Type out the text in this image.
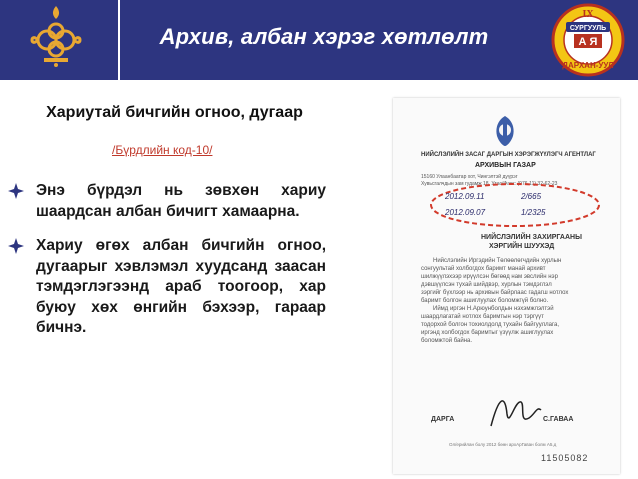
Архив, албан хэрэг хөтлөлт
IX
СУРГУУЛЬ
А Я
ДАРХАН-УУЛ
Хариутай бичгийн огноо, дугаар
/Бүрдлийн код-10/
Энэ бүрдэл нь зөвхөн хариу шаардсан албан бичигт хамаарна.
Хариу өгөх албан бичгийн огноо, дугаарыг хэвлэмэл хуудсанд заасан тэмдэглэгээнд араб тоогоор, хар буюу хөх өнгийн бэхээр, гараар бичнэ.
НИЙСЛЭЛИЙН ЗАСАГ ДАРГЫН ХЭРЭГЖҮҮЛЭГЧ АГЕНТЛАГ
АРХИВЫН ГАЗАР
15160 Улаанбаатар хот, Чингэлтэй дүүрэг
Хувьсгалчдын зам гудамж 18, Утас/Факс: (976-11) 32-62-23
2012.09.11	2/665
2012.09.07	1/2325
НИЙСЛЭЛИЙН ЗАХИРГААНЫ
ХЭРГИЙН ШУУХЭД
Нийслэлийн Иргэдийн Төлөөлөгчдийн хурлын
сонгуультай холбогдох баримт манай архивт
шилжүүлэхээр ирүүлсэн бөгөөд нам эвслийн нэр
дэвшүүлсэн тухай шийдвэр, хурлын тэмдэглэл
зэргийг бүхлээр нь архивын байрлаас гадагш нотлох
баримт болгон ашиглуулах боломжгүй болно.
Иймд иргэн Н.Арюунболдын нэхэмжлэлтэй
шаардлагатай нотлох баримтын нэр тэргүүт
тодорхой болгон тохиолдолд тухайн байгууллага,
иргэнд холбогдох баримтыг үзүүлж ашиглуулах
боломжтой байна.
ДАРГА	С.ГАВАА
Ол/ерийлан болу 2012 бөөн архАрГаван болм А5.д
11505082
